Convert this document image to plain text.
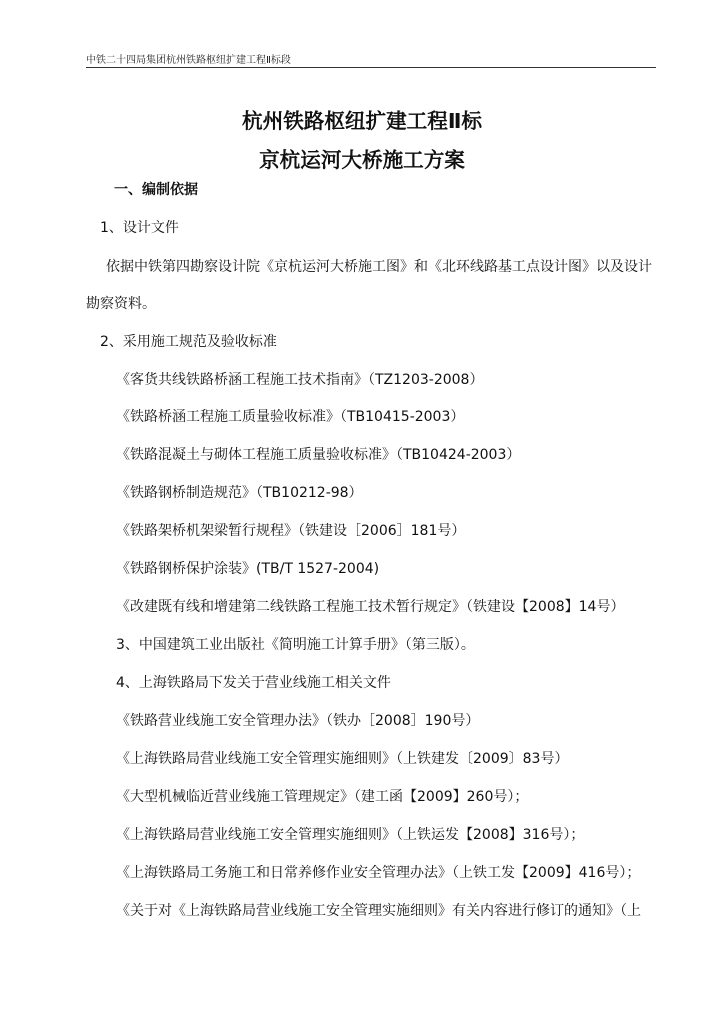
中铁二十四局集团杭州铁路枢纽扩建工程Ⅱ标段
杭州铁路枢纽扩建工程Ⅱ标
京杭运河大桥施工方案
一、编制依据
1、设计文件
依据中铁第四勘察设计院《京杭运河大桥施工图》和《北环线路基工点设计图》以及设计
勘察资料。
2、采用施工规范及验收标准
《客货共线铁路桥涵工程施工技术指南》（TZ1203-2008）
《铁路桥涵工程施工质量验收标准》（TB10415-2003）
《铁路混凝土与砌体工程施工质量验收标准》（TB10424-2003）
《铁路钢桥制造规范》（TB10212-98）
《铁路架桥机架梁暂行规程》（铁建设［2006］181号）
《铁路钢桥保护涂装》(TB/T 1527-2004)
《改建既有线和增建第二线铁路工程施工技术暂行规定》（铁建设【2008】14号）
3、中国建筑工业出版社《简明施工计算手册》（第三版）。
4、上海铁路局下发关于营业线施工相关文件
《铁路营业线施工安全管理办法》（铁办［2008］190号）
《上海铁路局营业线施工安全管理实施细则》（上铁建发〔2009〕83号）
《大型机械临近营业线施工管理规定》（建工函【2009】260号）；
《上海铁路局营业线施工安全管理实施细则》（上铁运发【2008】316号）；
《上海铁路局工务施工和日常养修作业安全管理办法》（上铁工发【2009】416号）；
《关于对《上海铁路局营业线施工安全管理实施细则》有关内容进行修订的通知》（上
